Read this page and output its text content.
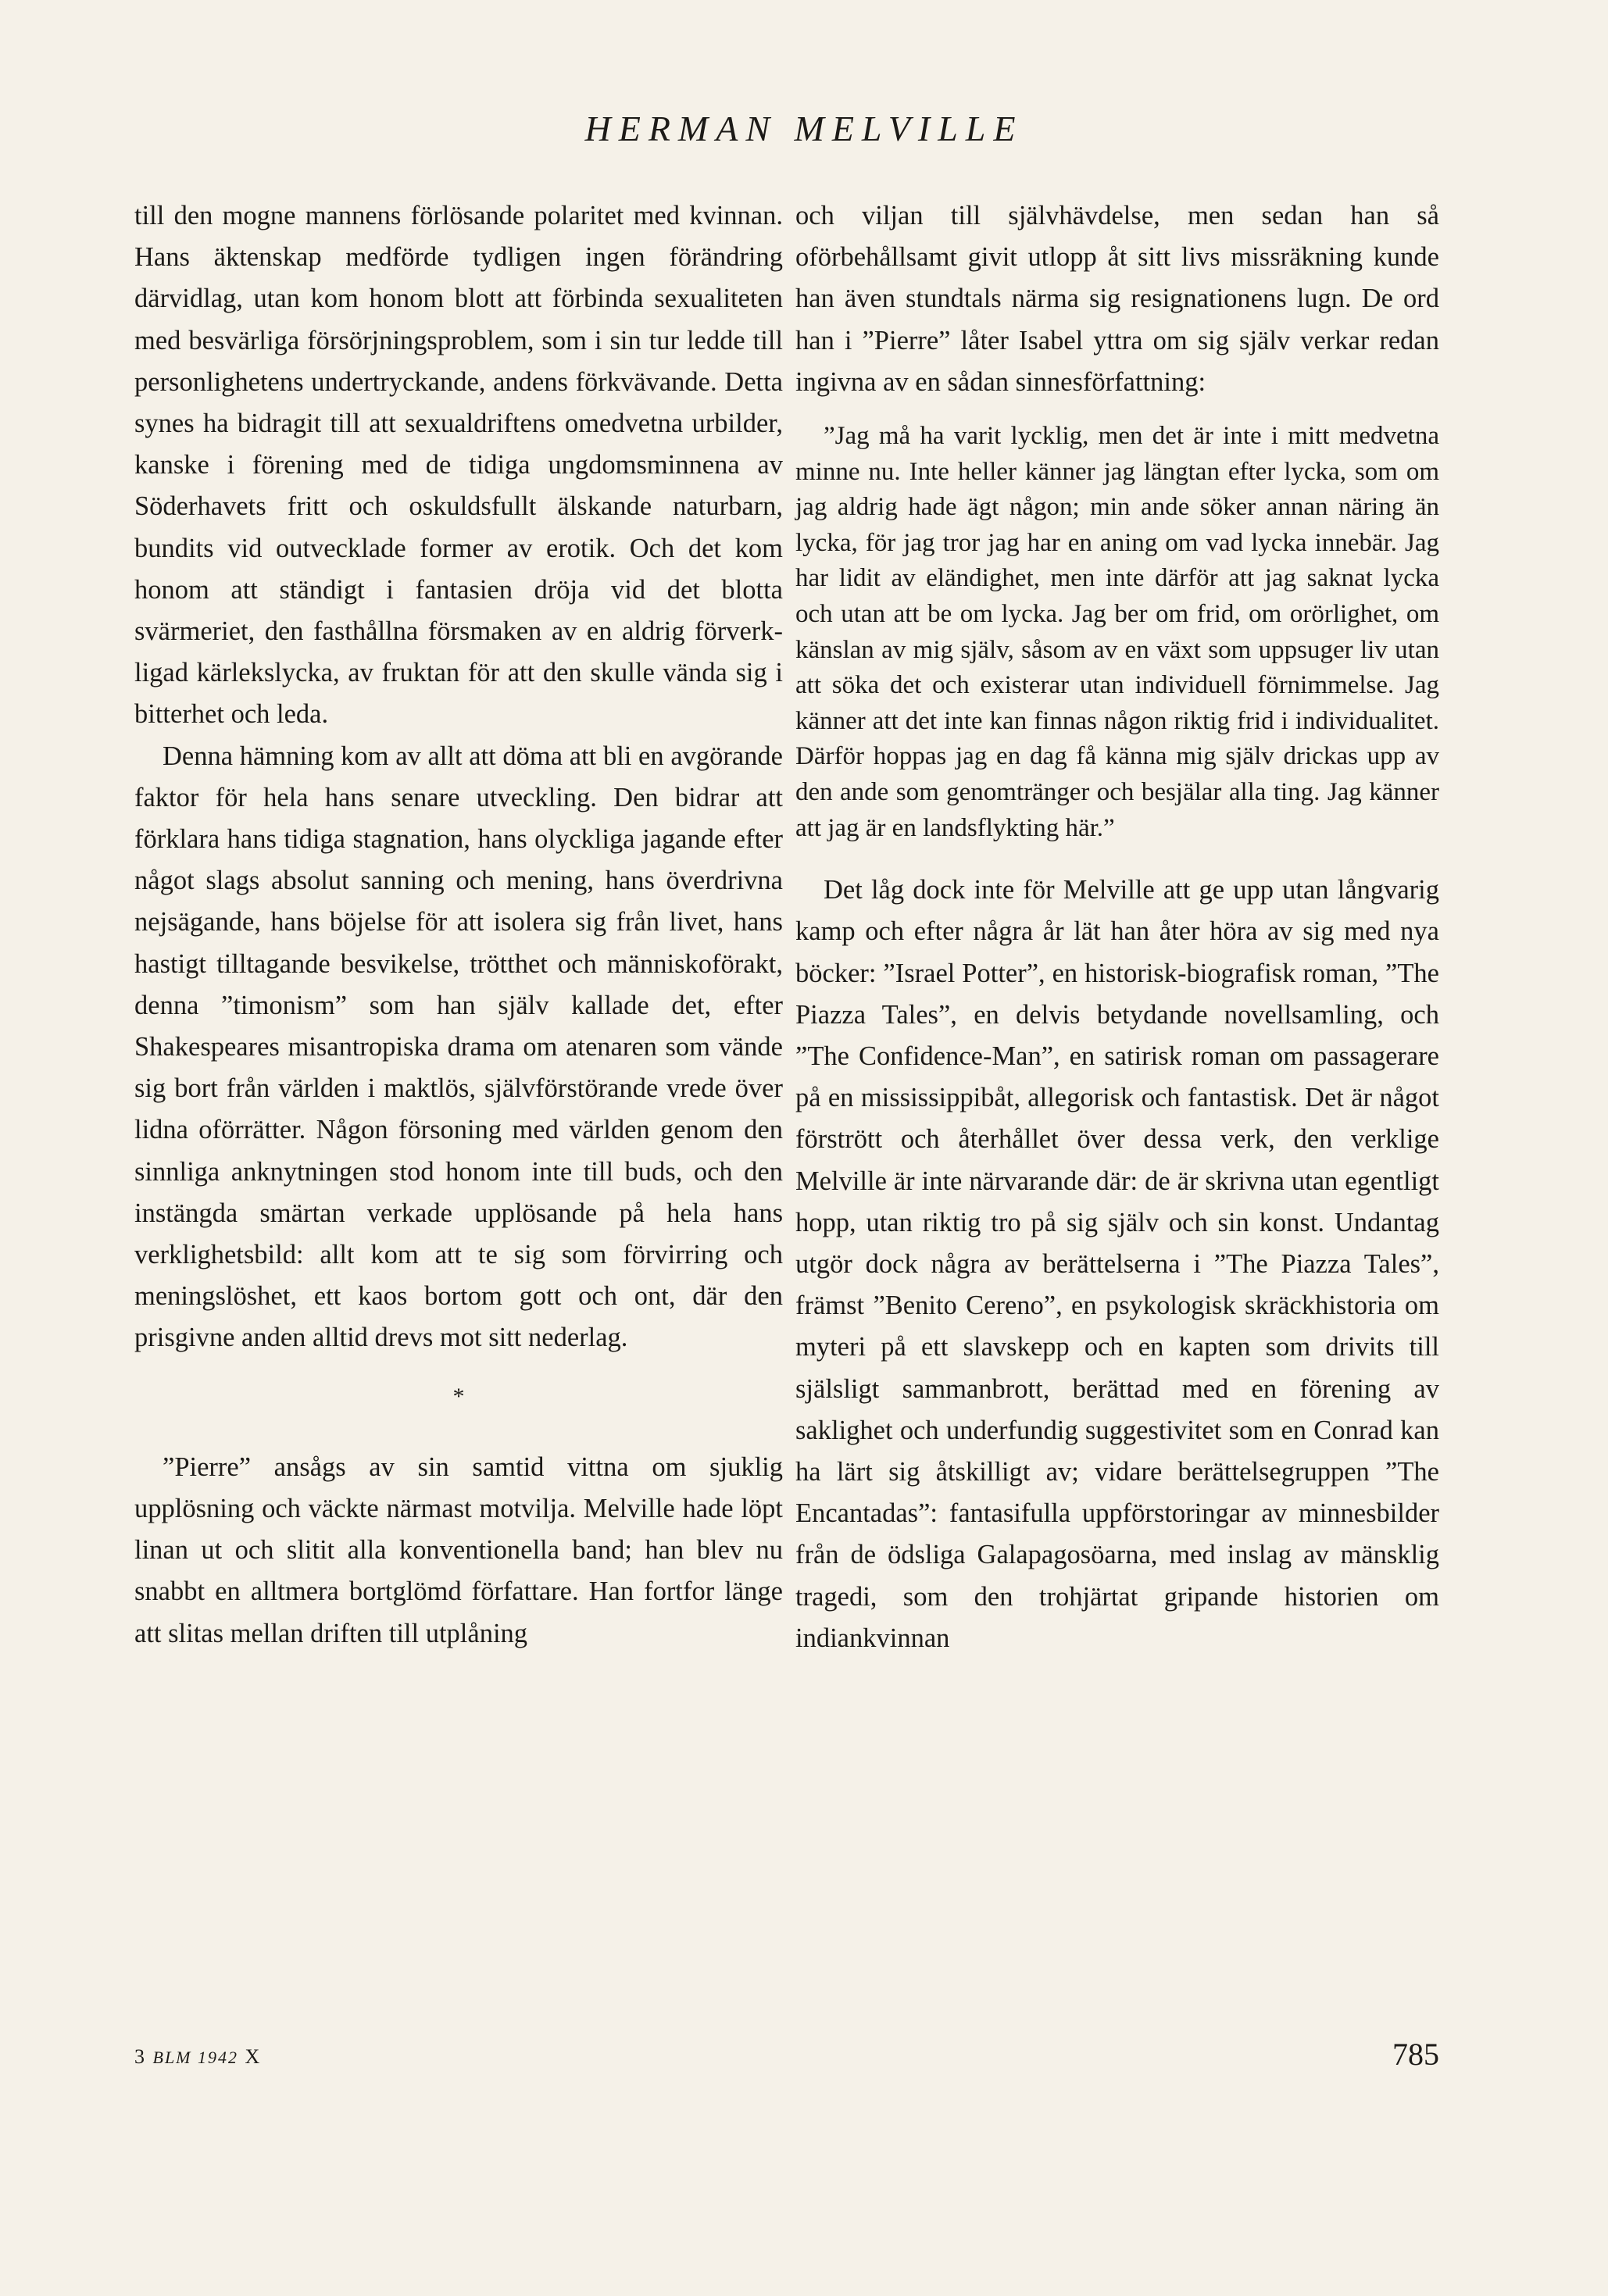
HERMAN MELVILLE

till den mogne mannens förlösande polaritet med kvinnan. Hans äktenskap medförde tydligen ingen förändring därvidlag, utan kom honom blott att förbinda sexualiteten med besvärliga försörjningsproblem, som i sin tur ledde till personlighetens undertryckande, andens förkvävande. Detta synes ha bidragit till att sexualdriftens omedvetna urbilder, kanske i förening med de tidiga ungdomsminnena av Söderhavets fritt och oskuldsfullt älskande naturbarn, bundits vid outvecklade former av erotik. Och det kom honom att ständigt i fantasien dröja vid det blotta svärmeriet, den fasthållna försmaken av en aldrig förverkligad kärlekslycka, av fruktan för att den skulle vända sig i bitterhet och leda.

Denna hämning kom av allt att döma att bli en avgörande faktor för hela hans senare utveckling. Den bidrar att förklara hans tidiga stagnation, hans olyckliga jagande efter något slags absolut sanning och mening, hans överdrivna nejsägande, hans böjelse för att isolera sig från livet, hans hastigt tilltagande besvikelse, trötthet och människoförakt, denna ”timonism” som han själv kallade det, efter Shakespeares misantropiska drama om atenaren som vände sig bort från världen i maktlös, självförstörande vrede över lidna oförrätter. Någon försoning med världen genom den sinnliga anknytningen stod honom inte till buds, och den instängda smärtan verkade upplösande på hela hans verklighetsbild: allt kom att te sig som förvirring och meningslöshet, ett kaos bortom gott och ont, där den prisgivne anden alltid drevs mot sitt nederlag.

*

”Pierre” ansågs av sin samtid vittna om sjuklig upplösning och väckte närmast motvilja. Melville hade löpt linan ut och slitit alla konventionella band; han blev nu snabbt en alltmera bortglömd författare. Han fortfor länge att slitas mellan driften till utplåning

och viljan till självhävdelse, men sedan han så oförbehållsamt givit utlopp åt sitt livs missräkning kunde han även stundtals närma sig resignationens lugn. De ord han i ”Pierre” låter Isabel yttra om sig själv verkar redan ingivna av en sådan sinnesförfattning:

”Jag må ha varit lycklig, men det är inte i mitt medvetna minne nu. Inte heller känner jag längtan efter lycka, som om jag aldrig hade ägt någon; min ande söker annan näring än lycka, för jag tror jag har en aning om vad lycka innebär. Jag har lidit av eländighet, men inte därför att jag saknat lycka och utan att be om lycka. Jag ber om frid, om orörlighet, om känslan av mig själv, såsom av en växt som uppsuger liv utan att söka det och existerar utan individuell förnimmelse. Jag känner att det inte kan finnas någon riktig frid i individualitet. Därför hoppas jag en dag få känna mig själv drickas upp av den ande som genomtränger och besjälar alla ting. Jag känner att jag är en landsflykting här.”

Det låg dock inte för Melville att ge upp utan långvarig kamp och efter några år lät han åter höra av sig med nya böcker: ”Israel Potter”, en historisk-biografisk roman, ”The Piazza Tales”, en delvis betydande novellsamling, och ”The Confidence-Man”, en satirisk roman om passagerare på en mississippibåt, allegorisk och fantastisk. Det är något förstrött och återhållet över dessa verk, den verklige Melville är inte närvarande där: de är skrivna utan egentligt hopp, utan riktig tro på sig själv och sin konst. Undantag utgör dock några av berättelserna i ”The Piazza Tales”, främst ”Benito Cereno”, en psykologisk skräckhistoria om myteri på ett slavskepp och en kapten som drivits till själsligt sammanbrott, berättad med en förening av saklighet och underfundig suggestivitet som en Conrad kan ha lärt sig åtskilligt av; vidare berättelsegruppen ”The Encantadas”: fantasifulla uppförstoringar av minnesbilder från de ödsliga Galapagosöarna, med inslag av mänsklig tragedi, som den trohjärtat gripande historien om indiankvinnan

3 BLM 1942 X	785
